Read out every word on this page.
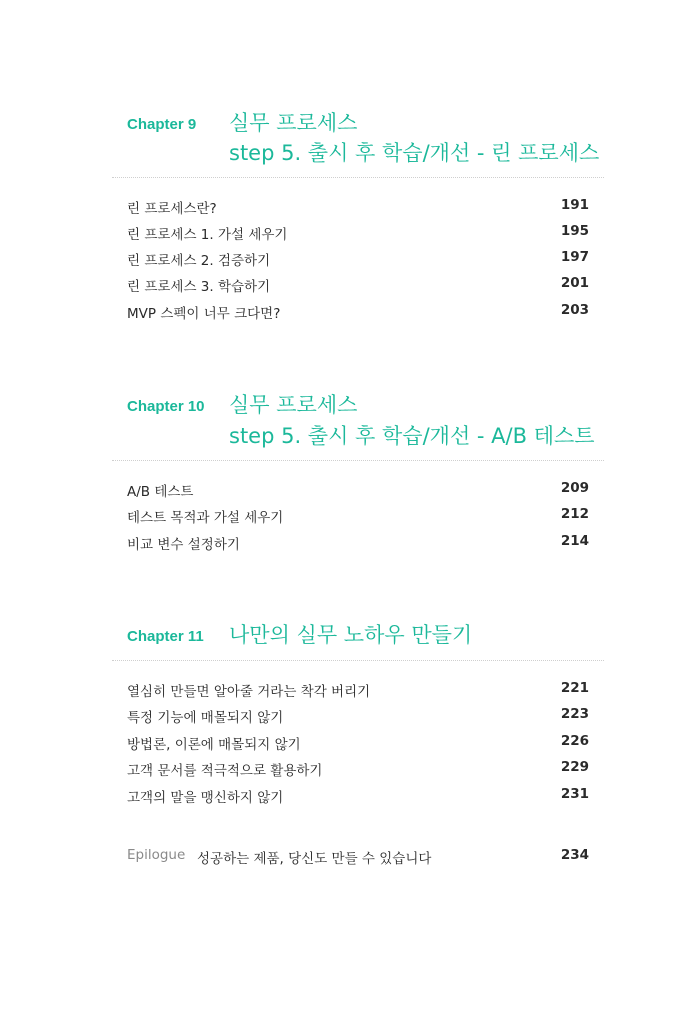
Chapter 9 실무 프로세스
step 5. 출시 후 학습/개선 - 린 프로세스
린 프로세스란?	191
린 프로세스 1. 가설 세우기	195
린 프로세스 2. 검증하기	197
린 프로세스 3. 학습하기	201
MVP 스펙이 너무 크다면?	203
Chapter 10 실무 프로세스
step 5. 출시 후 학습/개선 - A/B 테스트
A/B 테스트	209
테스트 목적과 가설 세우기	212
비교 변수 설정하기	214
Chapter 11 나만의 실무 노하우 만들기
열심히 만들면 알아줄 거라는 착각 버리기	221
특정 기능에 매몰되지 않기	223
방법론, 이론에 매몰되지 않기	226
고객 문서를 적극적으로 활용하기	229
고객의 말을 맹신하지 않기	231
Epilogue 성공하는 제품, 당신도 만들 수 있습니다	234
